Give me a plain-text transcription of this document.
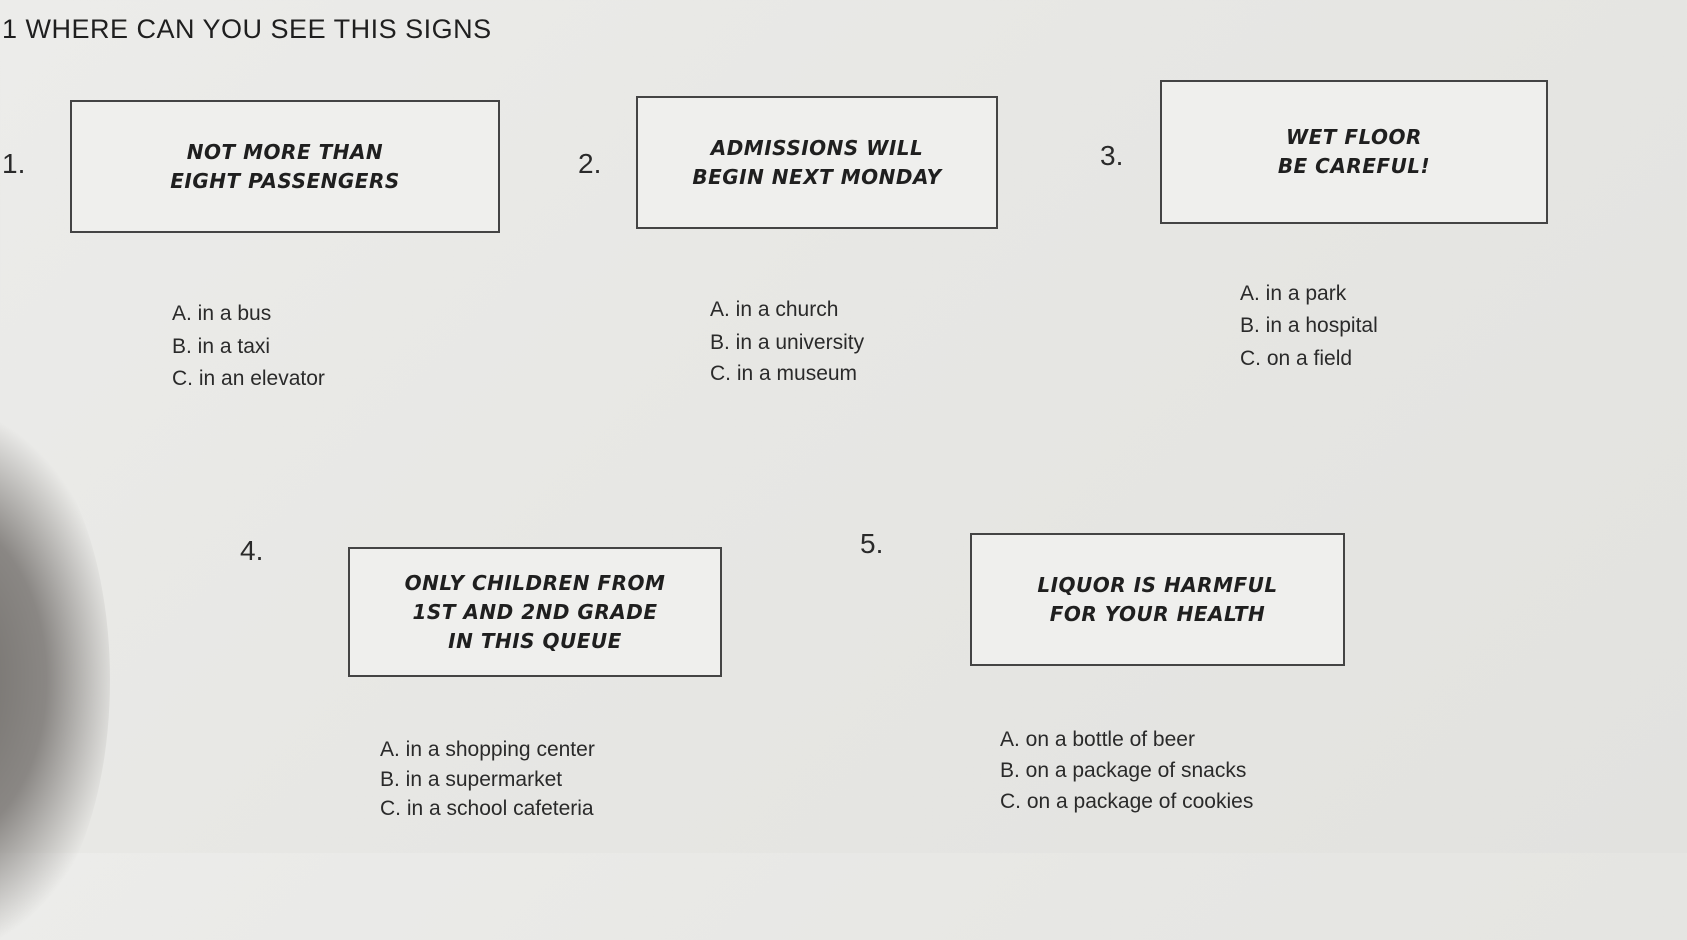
1 WHERE CAN YOU SEE THIS SIGNS
1.	NOT MORE THAN
EIGHT PASSENGERS
A. in a bus
B. in a taxi
C. in an elevator
2.
ADMISSIONS WILL
BEGIN NEXT MONDAY
A. in a church
B. in a university
C. in a museum
3.
WET FLOOR
BE CAREFUL!
A. in a park
B. in a hospital
C. on a field
4.
ONLY CHILDREN FROM
1ST AND 2ND GRADE
IN THIS QUEUE
A. in a shopping center
B. in a supermarket
C. in a school cafeteria
5.
LIQUOR IS HARMFUL
FOR YOUR HEALTH
A. on a bottle of beer
B. on a package of snacks
C. on a package of cookies
